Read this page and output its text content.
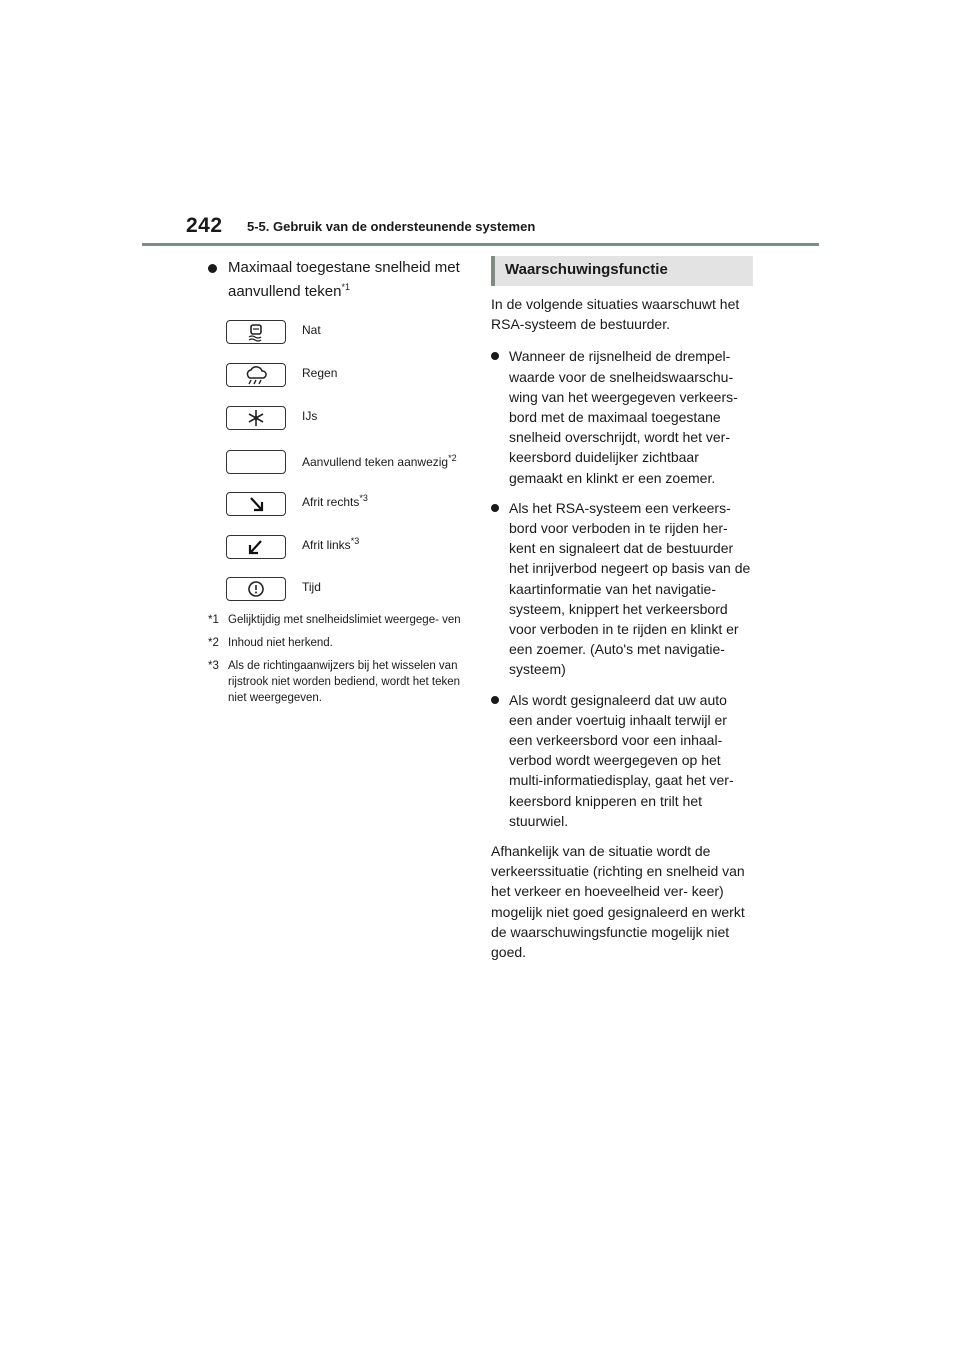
242 5-5. Gebruik van de ondersteunende systemen
Maximaal toegestane snelheid met aanvullend teken$^{*1}$
Nat
Regen
IJs
Aanvullend teken aanwezig$^{*2}$
Afrit rechts$^{*3}$
Afrit links$^{*3}$
Tijd
*1 Gelijktijdig met snelheidslimiet weergege- ven
*2 Inhoud niet herkend.
*3 Als de richtingaanwijzers bij het wisselen van rijstrook niet worden bediend, wordt het teken niet weergegeven.
Waarschuwingsfunctie

In de volgende situaties waarschuwt het RSA-systeem de bestuurder.

Wanneer de rijsnelheid de drempel- waarde voor de snelheidswaarschu- wing van het weergegeven verkeers- bord met de maximaal toegestane snelheid overschrijdt, wordt het ver- keersbord duidelijker zichtbaar gemaakt en klinkt er een zoemer.

Als het RSA-systeem een verkeers- bord voor verboden in te rijden her- kent en signaleert dat de bestuurder het inrijverbod negeert op basis van de kaartinformatie van het navigatie- systeem, knippert het verkeersbord voor verboden in te rijden en klinkt er een zoemer. (Auto's met navigatie- systeem)

Als wordt gesignaleerd dat uw auto een ander voertuig inhaalt terwijl er een verkeersbord voor een inhaal- verbod wordt weergegeven op het multi-informatiedisplay, gaat het ver- keersbord knipperen en trilt het stuurwiel.

Afhankelijk van de situatie wordt de verkeerssituatie (richting en snelheid van het verkeer en hoeveelheid ver- keer) mogelijk niet goed gesignaleerd en werkt de waarschuwingsfunctie mogelijk niet goed.
